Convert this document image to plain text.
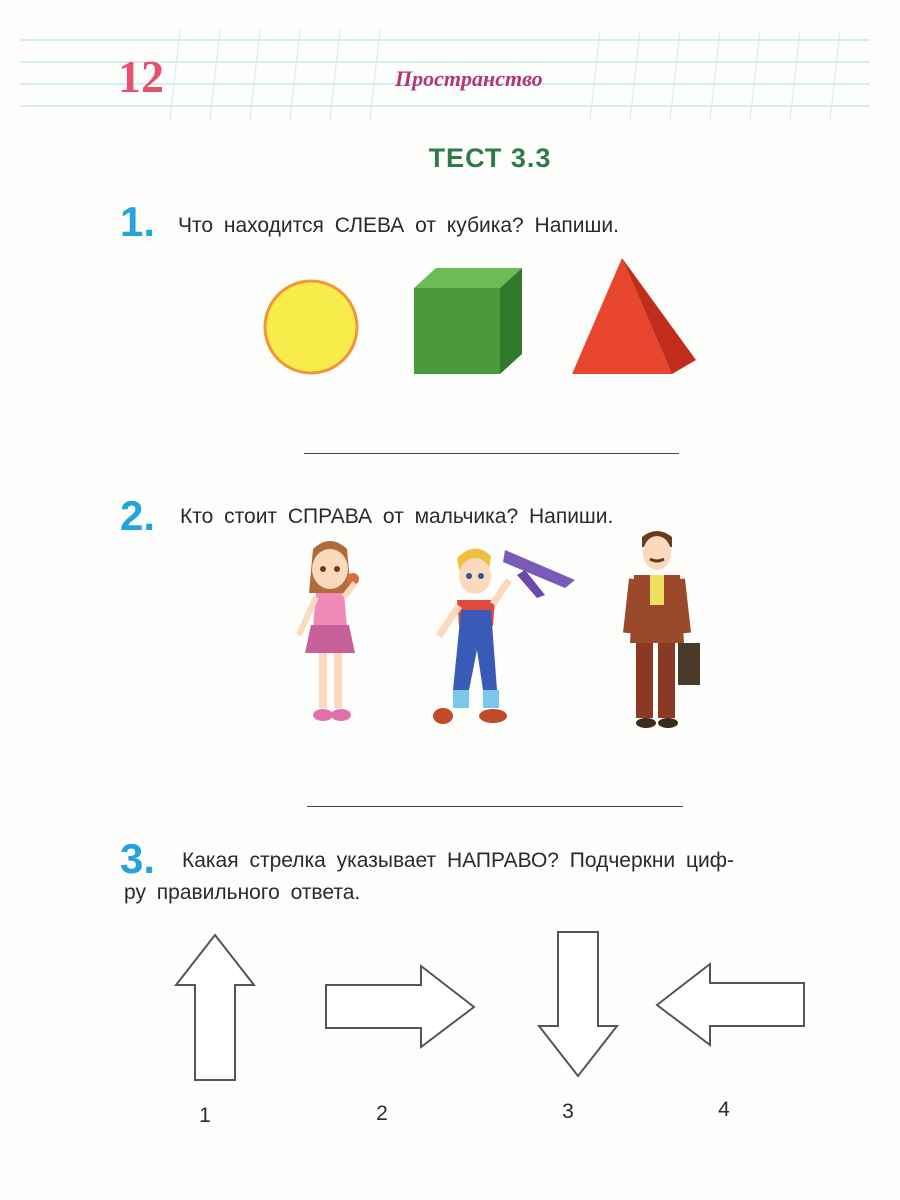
12	Пространство
ТЕСТ 3.3
1. Что находится СЛЕВА от кубика? Напиши.
2. Кто стоит СПРАВА от мальчика? Напиши.
3. Какая стрелка указывает НАПРАВО? Подчеркни циф-
ру правильного ответа.
1	2	3	4
